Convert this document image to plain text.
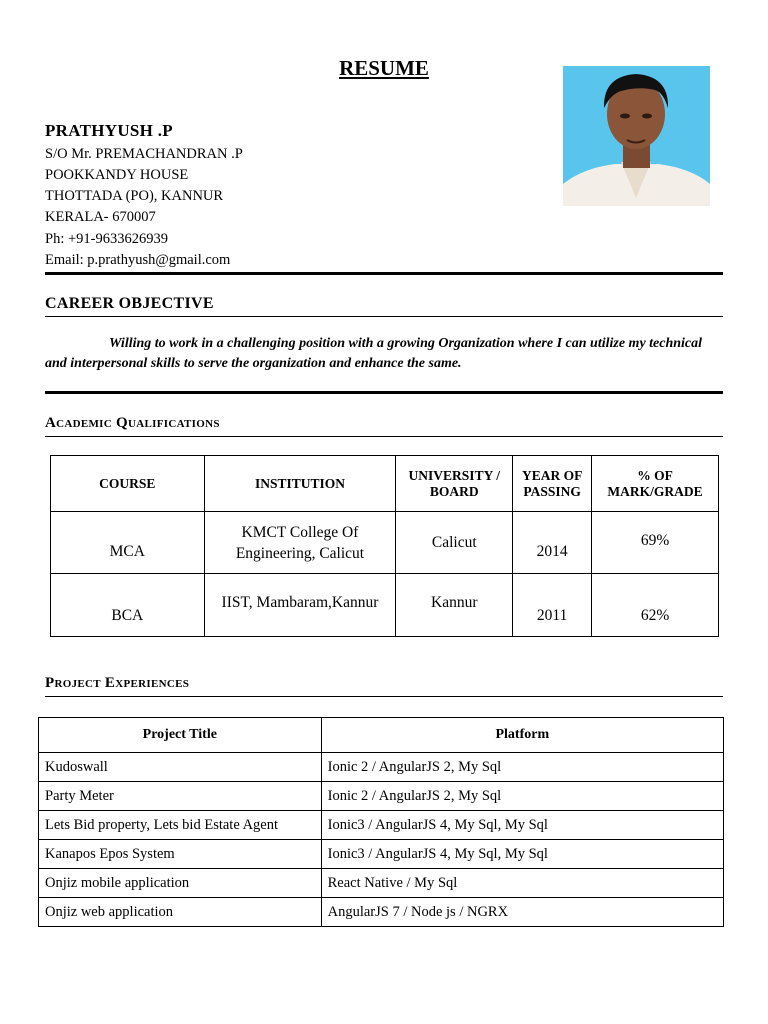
RESUME
PRATHYUSH .P
S/O Mr. PREMACHANDRAN .P
POOKKANDY HOUSE
THOTTADA (PO), KANNUR
KERALA- 670007
Ph: +91-9633626939
Email: p.prathyush@gmail.com
CAREER OBJECTIVE
Willing to work in a challenging position with a growing Organization where I can utilize my technical and interpersonal skills to serve the organization and enhance the same.
Academic Qualifications
COURSE	INSTITUTION	UNIVERSITY / BOARD	YEAR OF PASSING	% OF MARK/GRADE
MCA	KMCT College Of Engineering, Calicut	Calicut	2014	69%
BCA	IIST, Mambaram,Kannur	Kannur	2011	62%
Project Experiences
Project Title	Platform
Kudoswall	Ionic 2 / AngularJS 2, My Sql
Party Meter	Ionic 2 / AngularJS 2, My Sql
Lets Bid property, Lets bid Estate Agent	Ionic3 / AngularJS 4, My Sql, My Sql
Kanapos Epos System	Ionic3 / AngularJS 4, My Sql, My Sql
Onjiz mobile application	React Native / My Sql
Onjiz web application	AngularJS 7 / Node js / NGRX
